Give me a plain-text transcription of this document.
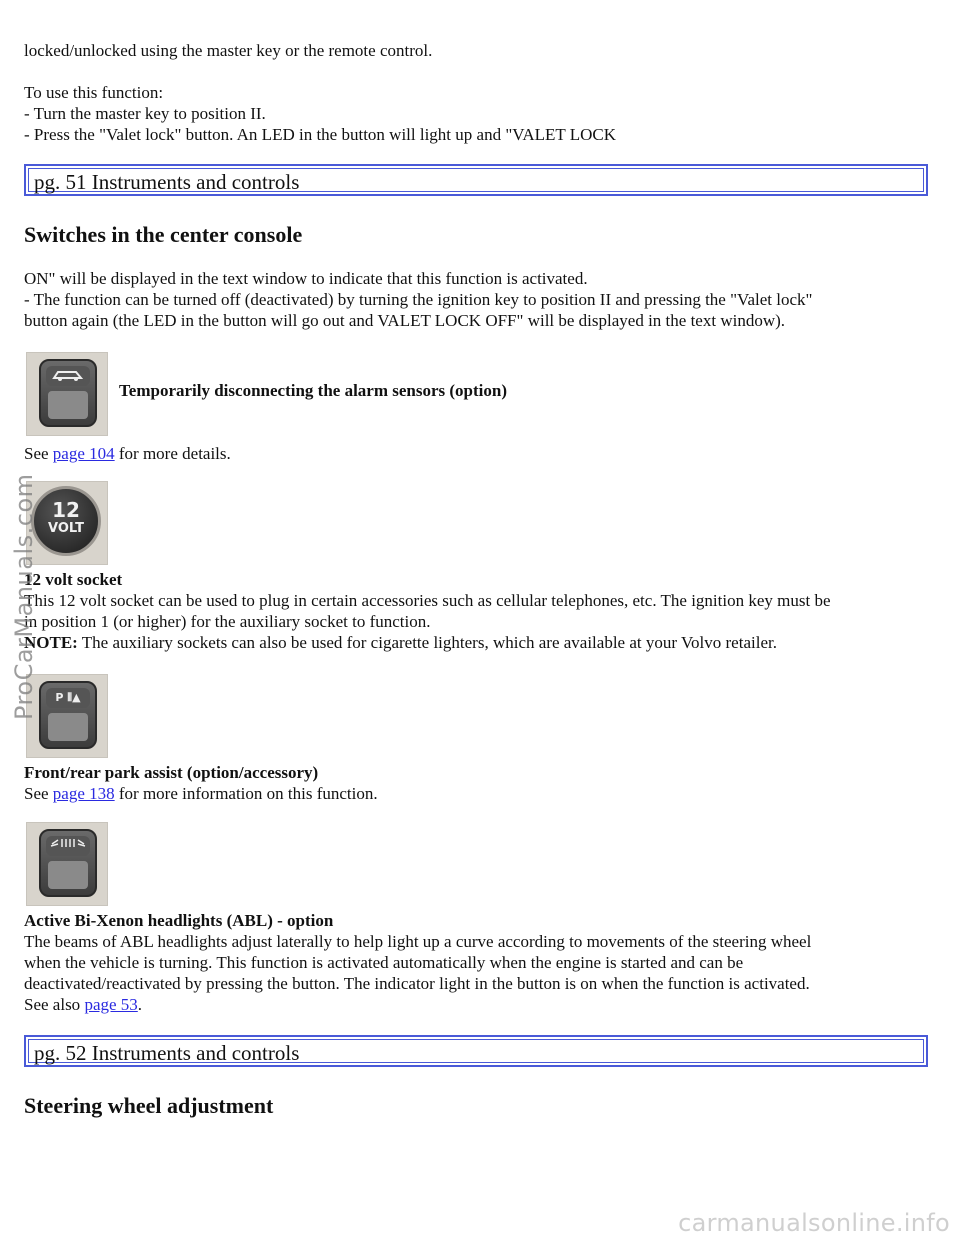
locked/unlocked using the master key or the remote control.
To use this function:
- Turn the master key to position II.
- Press the "Valet lock" button. An LED in the button will light up and "VALET LOCK
pg. 51 Instruments and controls
Switches in the center console
ON" will be displayed in the text window to indicate that this function is activated.
- The function can be turned off (deactivated) by turning the ignition key to position II and pressing the "Valet lock"
button again (the LED in the button will go out and VALET LOCK OFF" will be displayed in the text window).
Temporarily disconnecting the alarm sensors (option)
See page 104 for more details.
12
VOLT
12 volt socket
This 12 volt socket can be used to plug in certain accessories such as cellular telephones, etc. The ignition key must be
in position 1 (or higher) for the auxiliary socket to function.
NOTE: The auxiliary sockets can also be used for cigarette lighters, which are available at your Volvo retailer.
P ⦀▲
Front/rear park assist (option/accessory)
See page 138 for more information on this function.
Active Bi-Xenon headlights (ABL) - option
The beams of ABL headlights adjust laterally to help light up a curve according to movements of the steering wheel
when the vehicle is turning. This function is activated automatically when the engine is started and can be
deactivated/reactivated by pressing the button. The indicator light in the button is on when the function is activated.
See also page 53.
pg. 52 Instruments and controls
Steering wheel adjustment
ProCarManuals.com
carmanualsonline.info
